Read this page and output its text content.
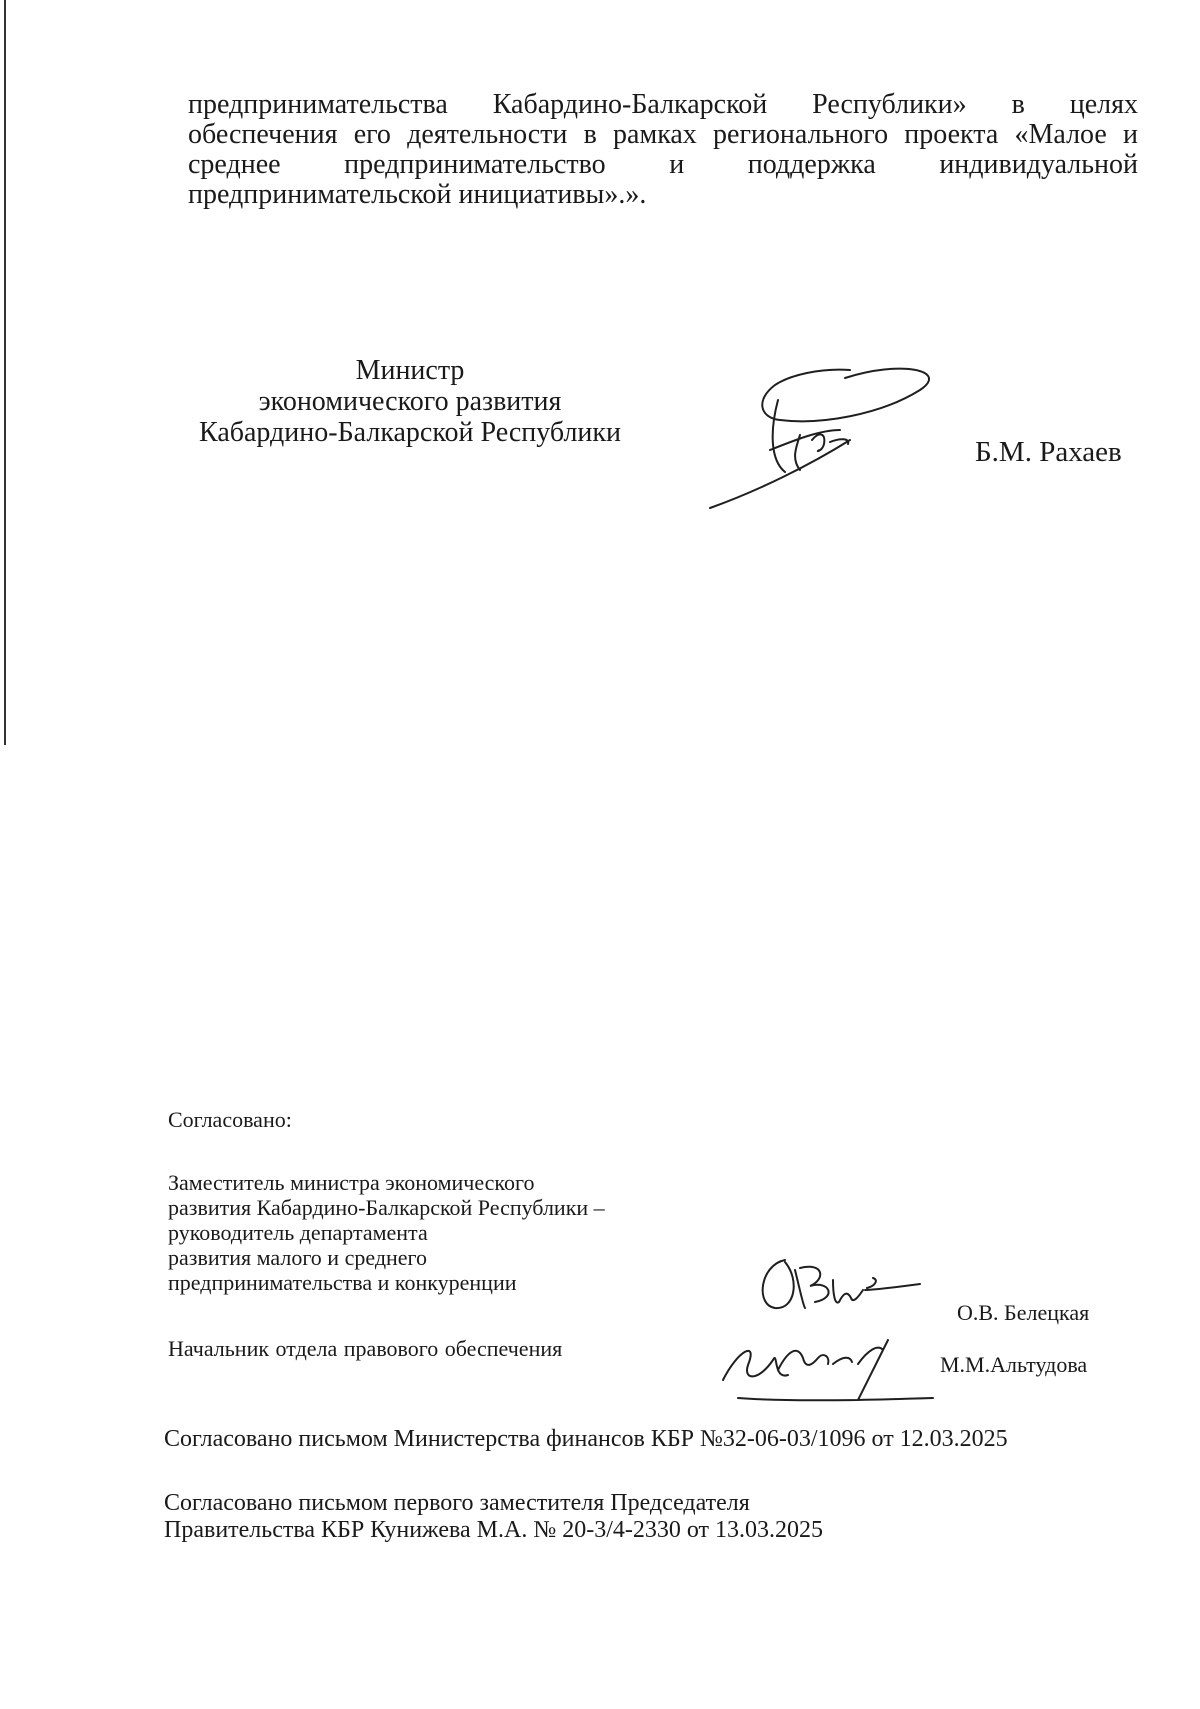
предпринимательства Кабардино-Балкарской Республики» в целях
обеспечения его деятельности в рамках регионального проекта «Малое и
среднее предпринимательство и поддержка индивидуальной
предпринимательской инициативы».».
Министр
экономического развития
Кабардино-Балкарской Республики
Б.М. Рахаев
Согласовано:
Заместитель министра экономического
развития Кабардино-Балкарской Республики –
руководитель департамента
развития малого и среднего
предпринимательства и конкуренции
О.В. Белецкая
Начальник отдела правового обеспечения
М.М.Альтудова
Согласовано письмом Министерства финансов КБР №32-06-03/1096 от 12.03.2025
Согласовано письмом первого заместителя Председателя
Правительства КБР Кунижева М.А. № 20-3/4-2330 от 13.03.2025
